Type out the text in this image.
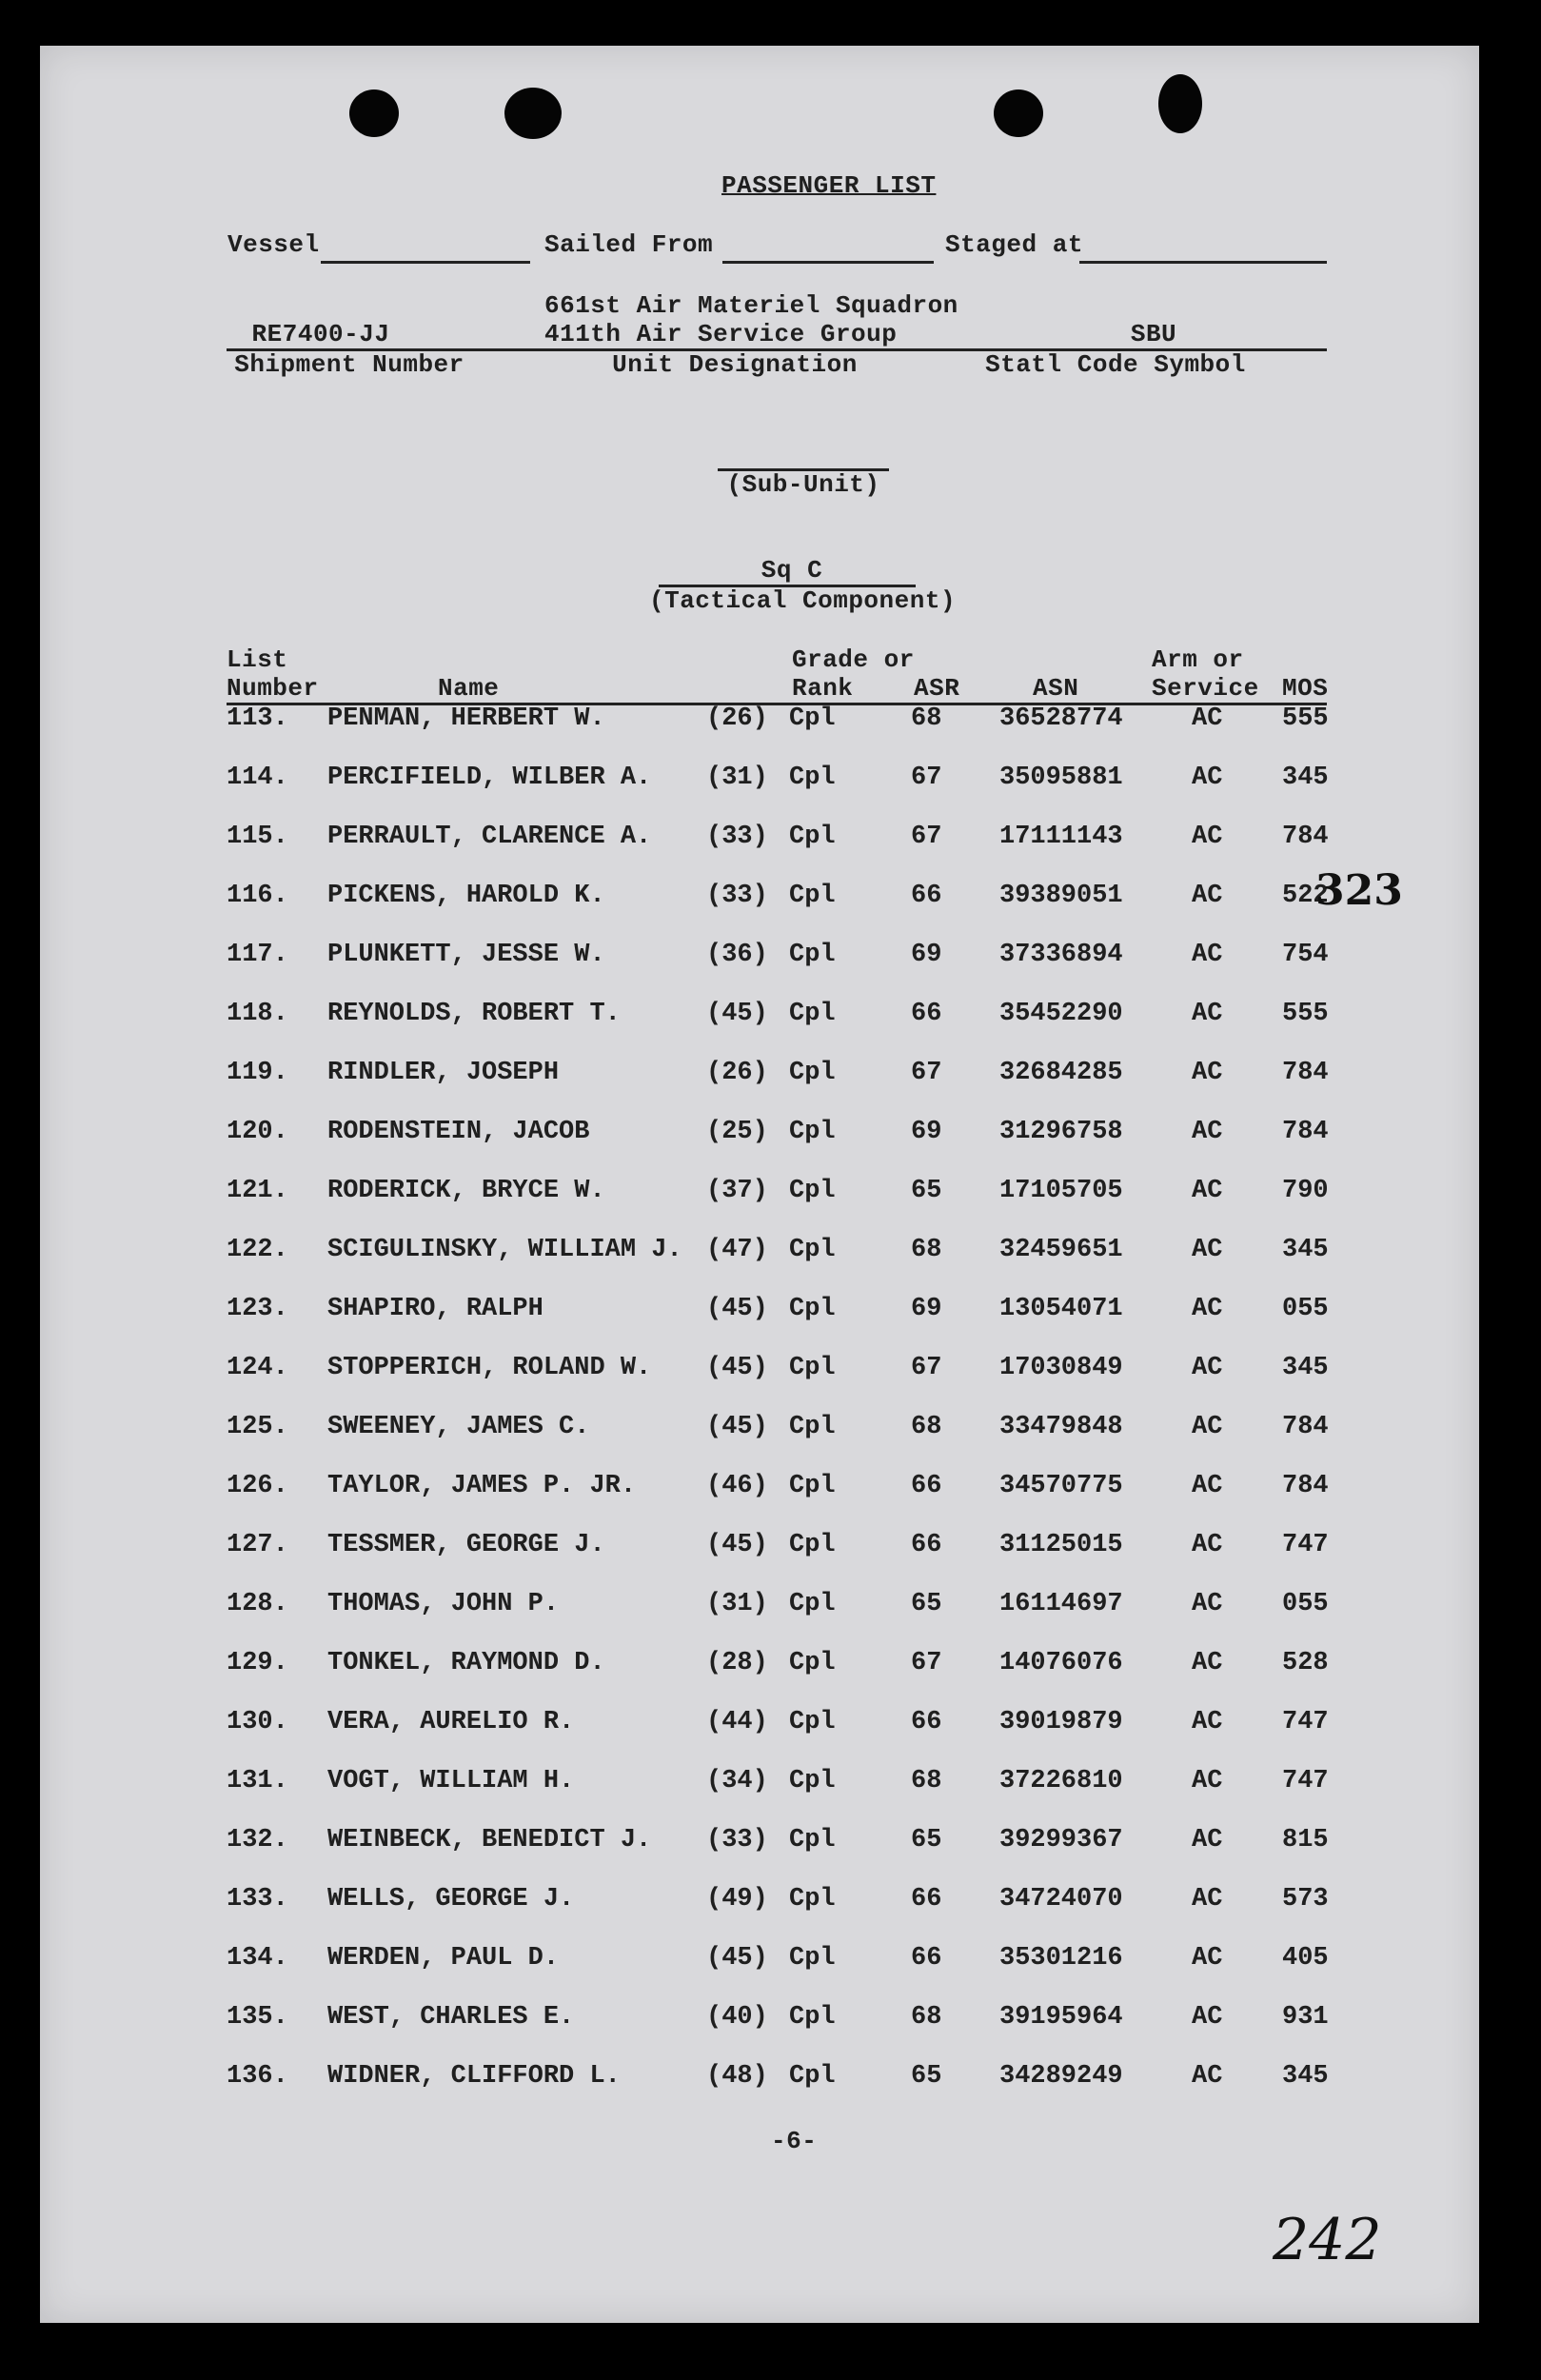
PASSENGER LIST
Vessel	Sailed From	Staged at
661st Air Materiel Squadron
RE7400-JJ	411th Air Service Group	SBU
Shipment Number	Unit Designation	Statl Code Symbol
(Sub-Unit)
Sq C
(Tactical Component)
List
Number	Name
Grade or
Rank ASR	ASN
Arm or
Service MOS
113. PENMAN, HERBERT W.	(26) Cpl	68 36528774	AC 555
114. PERCIFIELD, WILBER A. (31) Cpl	67 35095881	AC 345
115. PERRAULT, CLARENCE A. (33) Cpl	67 17111143	AC 784
116. PICKENS, HAROLD K.	(33) Cpl	66 39389051	AC 522
117. PLUNKETT, JESSE W.	(36) Cpl	69 37336894	AC 754
118. REYNOLDS, ROBERT T.	(45) Cpl	66 35452290	AC 555
119. RINDLER, JOSEPH	(26) Cpl	67 32684285	AC 784
120. RODENSTEIN, JACOB	(25) Cpl	69 31296758	AC 784
121. RODERICK, BRYCE W.	(37) Cpl	65 17105705	AC 790
122. SCIGULINSKY, WILLIAM J. (47) Cpl	68 32459651	AC 345
123. SHAPIRO, RALPH	(45) Cpl	69 13054071	AC 055
124. STOPPERICH, ROLAND W. (45) Cpl	67 17030849	AC 345
125. SWEENEY, JAMES C.	(45) Cpl	68 33479848	AC 784
126. TAYLOR, JAMES P. JR.	(46) Cpl	66 34570775	AC 784
127. TESSMER, GEORGE J.	(45) Cpl	66 31125015	AC 747
128. THOMAS, JOHN P.	(31) Cpl	65 16114697	AC 055
129. TONKEL, RAYMOND D.	(28) Cpl	67 14076076	AC 528
130. VERA, AURELIO R.	(44) Cpl	66 39019879	AC 747
131. VOGT, WILLIAM H.	(34) Cpl	68 37226810	AC 747
132. WEINBECK, BENEDICT J. (33) Cpl	65 39299367	AC 815
133. WELLS, GEORGE J.	(49) Cpl	66 34724070	AC 573
134. WERDEN, PAUL D.	(45) Cpl	66 35301216	AC 405
135. WEST, CHARLES E.	(40) Cpl	68 39195964	AC 931
136. WIDNER, CLIFFORD L.	(48) Cpl	65 34289249	AC 345
323
-6-
242
